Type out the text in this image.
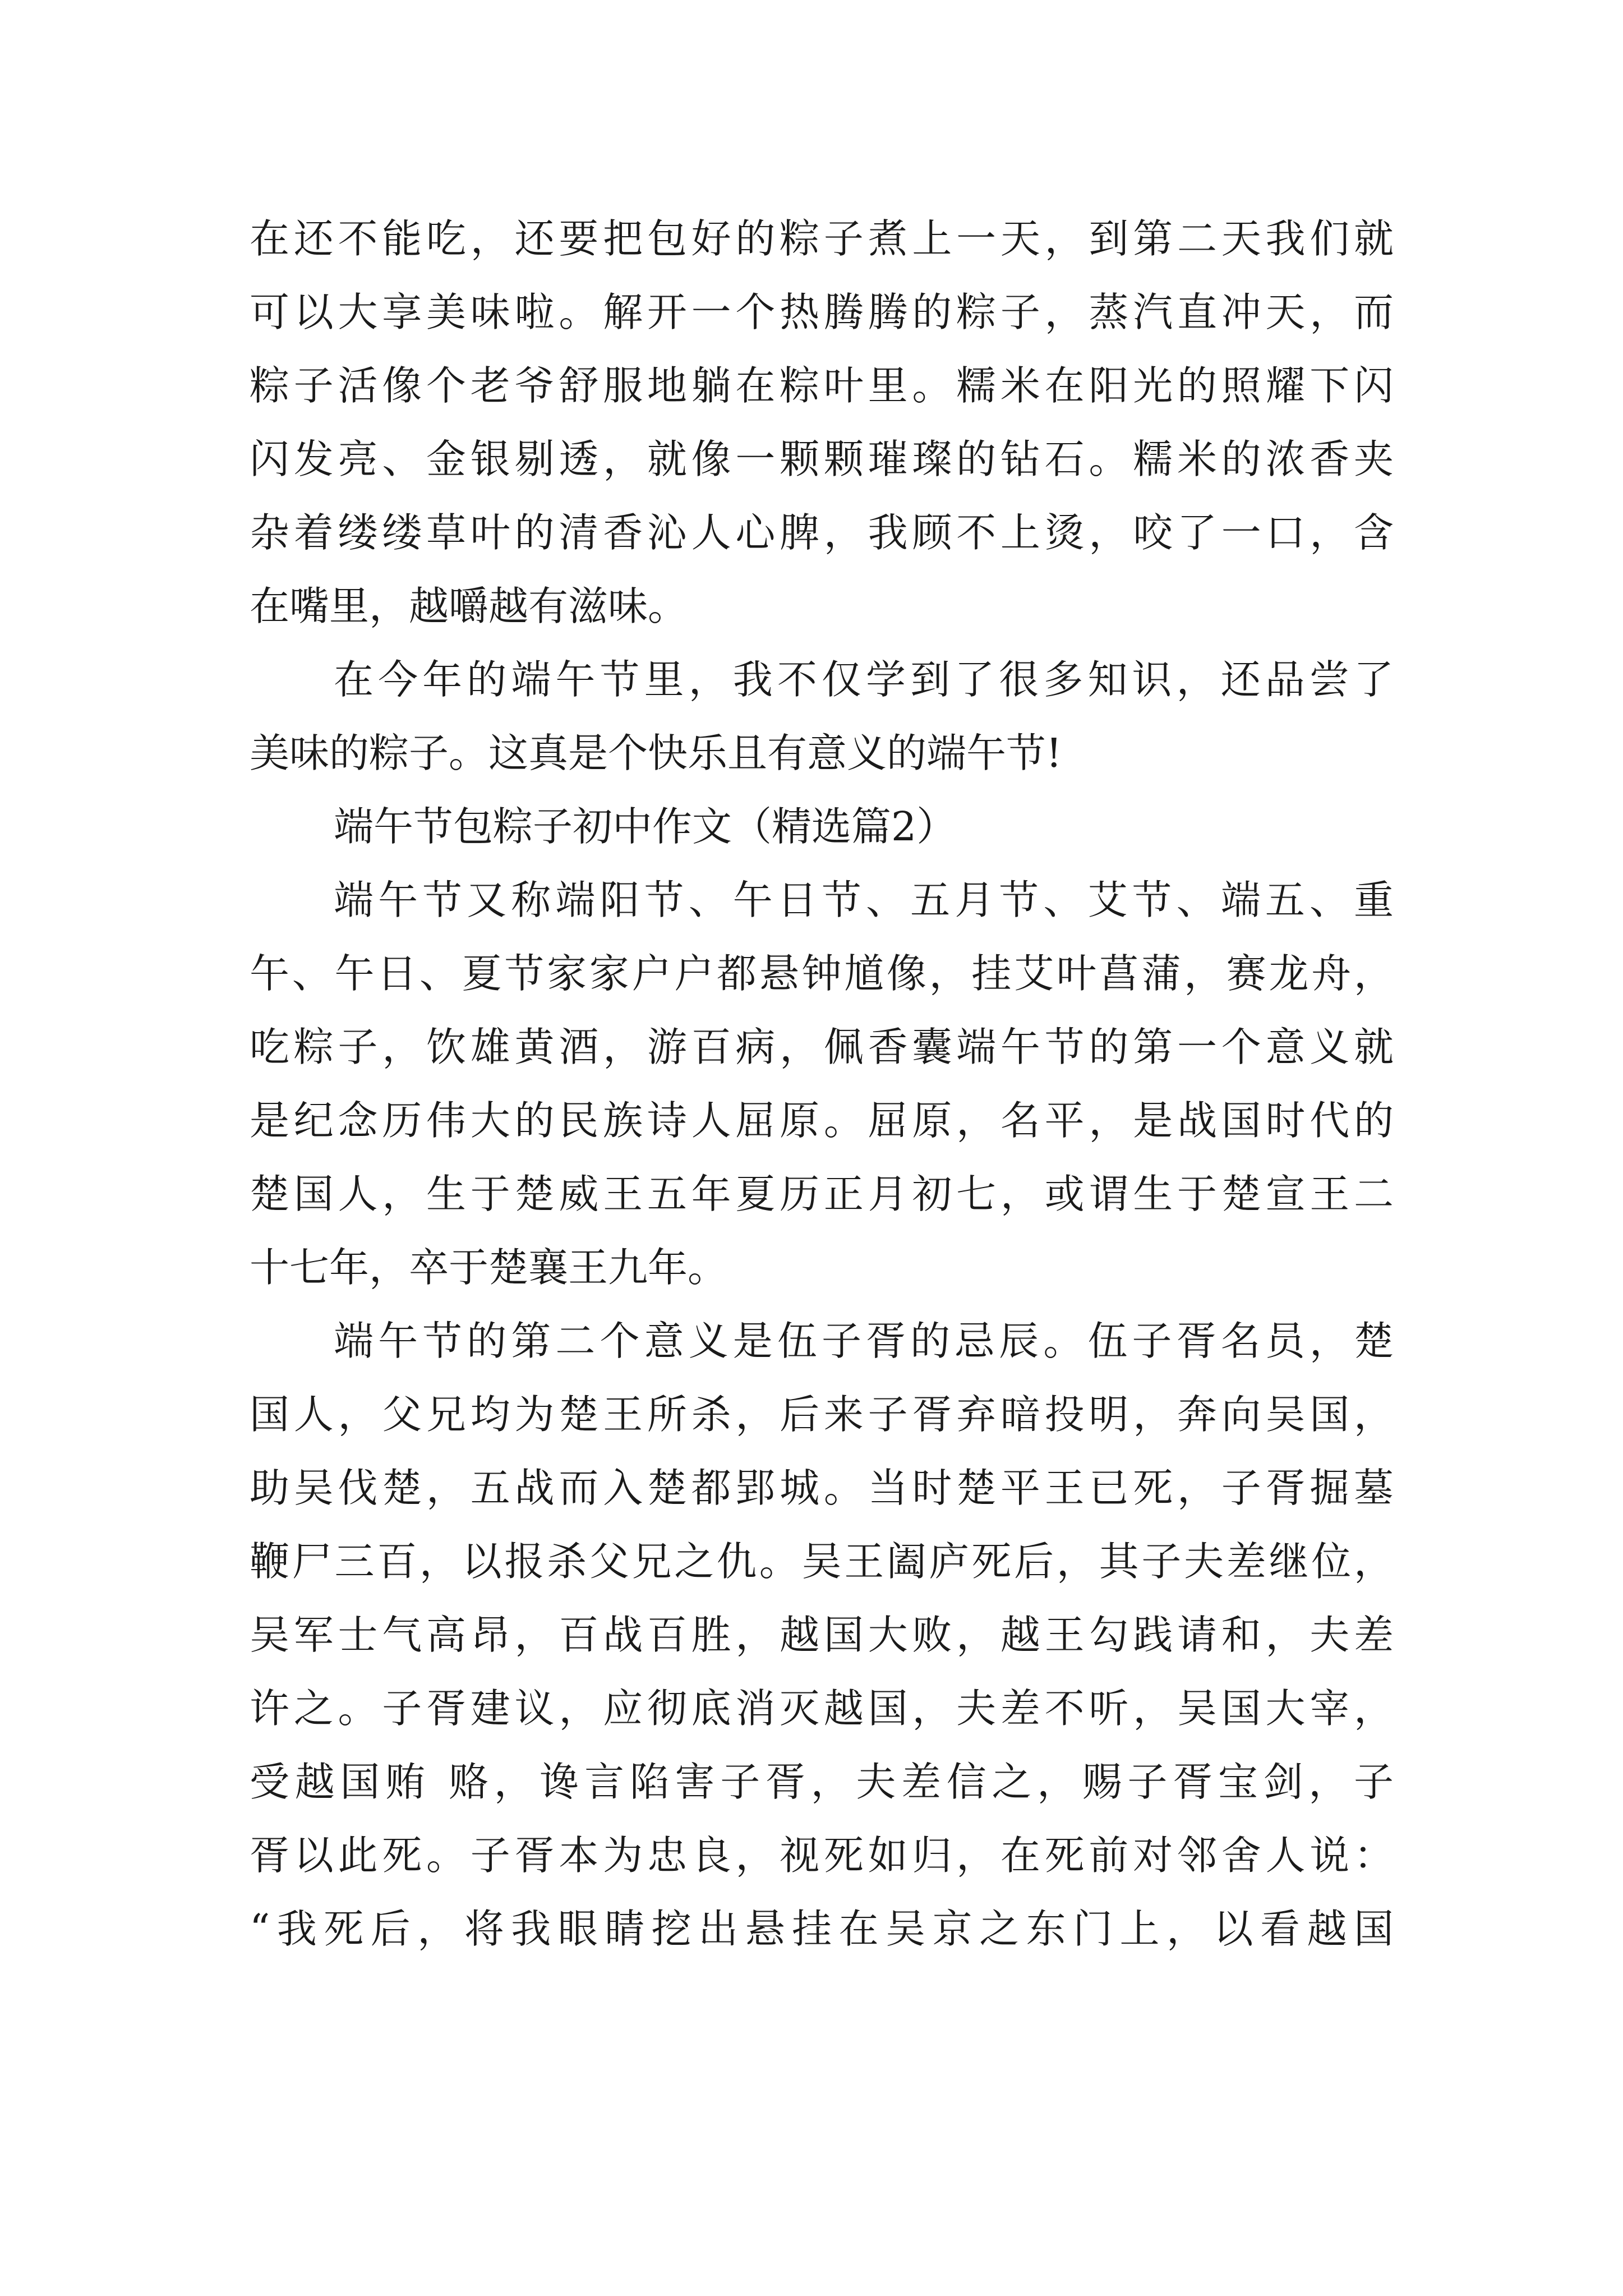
在还不能吃，还要把包好的粽子煮上一天，到第二天我们就
可以大享美味啦。解开一个热腾腾的粽子，蒸汽直冲天，而
粽子活像个老爷舒服地躺在粽叶里。糯米在阳光的照耀下闪
闪发亮、金银剔透，就像一颗颗璀璨的钻石。糯米的浓香夹
杂着缕缕草叶的清香沁人心脾，我顾不上烫，咬了一口，含
在嘴里，越嚼越有滋味。
在今年的端午节里，我不仅学到了很多知识，还品尝了
美味的粽子。这真是个快乐且有意义的端午节!
端午节包粽子初中作文（精选篇2）
端午节又称端阳节、午日节、五月节、艾节、端五、重
午、午日、夏节家家户户都悬钟馗像，挂艾叶菖蒲，赛龙舟，
吃粽子，饮雄黄酒，游百病，佩香囊端午节的第一个意义就
是纪念历伟大的民族诗人屈原。屈原，名平，是战国时代的
楚国人，生于楚威王五年夏历正月初七，或谓生于楚宣王二
十七年，卒于楚襄王九年。
端午节的第二个意义是伍子胥的忌辰。伍子胥名员，楚
国人，父兄均为楚王所杀，后来子胥弃暗投明，奔向吴国，
助吴伐楚，五战而入楚都郢城。当时楚平王已死，子胥掘墓
鞭尸三百，以报杀父兄之仇。吴王阖庐死后，其子夫差继位，
吴军士气高昂，百战百胜，越国大败，越王勾践请和，夫差
许之。子胥建议，应彻底消灭越国，夫差不听，吴国大宰，
受越国贿 赂，谗言陷害子胥，夫差信之，赐子胥宝剑，子
胥以此死。子胥本为忠良，视死如归，在死前对邻舍人说：
“我死后，将我眼睛挖出悬挂在吴京之东门上，以看越国
